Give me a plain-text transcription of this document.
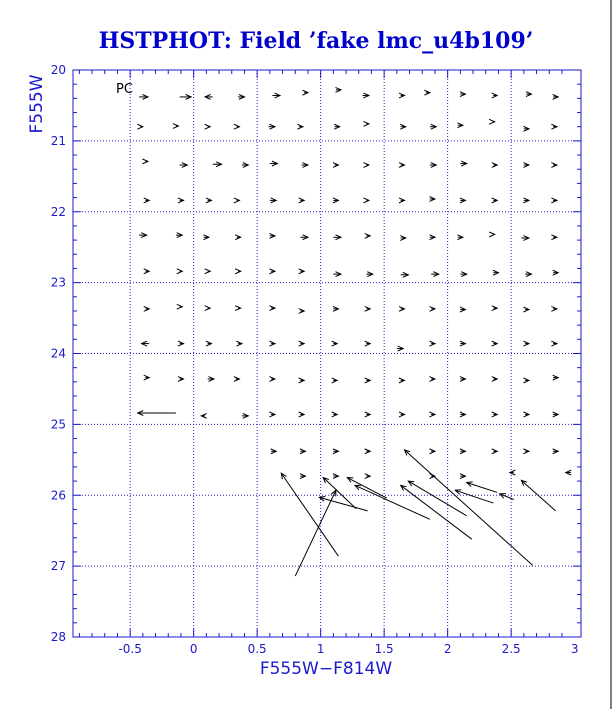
HSTPHOT: Field ’fake lmc_u4b109’
-0.5	0	0.5	1	1.5	2	2.5	3
20
21
22
23
24
25
26
27
28
PC
F555W−F814W
F555W
